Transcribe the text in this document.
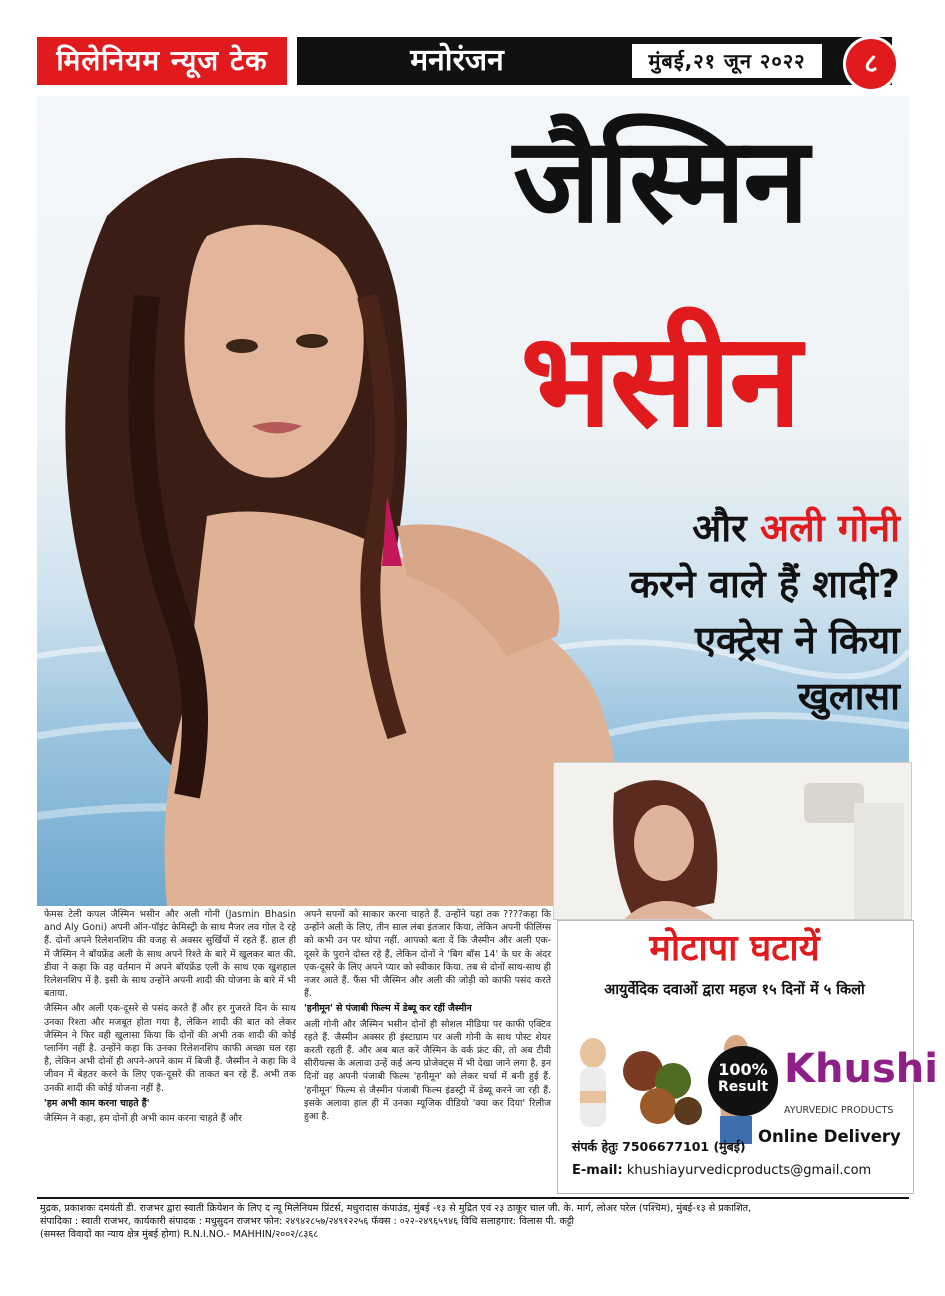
मिलेनियम न्यूज टेक	मनोरंजन	मुंबई,२१ जून २०२२	८
जैस्मिन
भसीन
और अली गोनी
करने वाले हैं शादी? एक्ट्रेस ने किया खुलासा

फेमस टेली कपल जैस्मिन भसीन और अली गोनी (Jasmin Bhasin and Aly Goni) अपनी ऑन-पॉइंट केमिस्ट्री के साथ मैजर लव गोल दे रहे हैं. दोनों अपने रिलेशनशिप की वजह से अक्सर सुर्खियों में रहते हैं. हाल ही में जैस्मिन ने बॉयफ्रेंड अली के साथ अपने रिश्ते के बारे में खुलकर बात की. डीवा ने कहा कि वह वर्तमान में अपने बॉयफ्रेंड एली के साथ एक खुशहाल रिलेशनशिप में है. इसी के साथ उन्होंने अपनी शादी की योजना के बारे में भी बताया.

जैस्मिन और अली एक-दूसरे से पसंद करते हैं और हर गुजरते दिन के साथ उनका रिश्ता और मजबूत होता गया है, लेकिन शादी की बात को लेकर जैस्मिन ने फिर वही खुलासा किया कि दोनों की अभी तक शादी की कोई प्लानिंग नहीं है. उन्होंने कहा कि उनका रिलेशनशिप काफी अच्छा चल रहा है, लेकिन अभी दोनों ही अपने-अपने काम में बिजी हैं. जैस्मीन ने कहा कि वे जीवन में बेहतर करने के लिए एक-दूसरे की ताकत बन रहे हैं. अभी तक उनकी शादी की कोई योजना नहीं है.

'हम अभी काम करना चाहते हैं'

जैस्मिन ने कहा, हम दोनों ही अभी काम करना चाहते हैं और

अपने सपनों को साकार करना चाहते हैं. उन्होंने यहां तक ????कहा कि उन्होंने अली के लिए, तीन साल लंबा इंतजार किया, लेकिन अपनी फीलिंग्स को कभी उन पर थोपा नहीं. आपको बता दें कि जैस्मीन और अली एक-दूसरे के पुराने दोस्त रहे हैं, लेकिन दोनों ने 'बिग बॉस 14' के घर के अंदर एक-दूसरे के लिए अपने प्यार को स्वीकार किया. तब से दोनों साथ-साथ ही नजर आते हैं. फैंस भी जैस्मिन और अली की जोड़ी को काफी पसंद करते हैं.

'हनीमून' से पंजाबी फिल्म में डेब्यू कर रहीं जैस्मीन

अली गोनी और जैस्मिन भसीन दोनों ही सोशल मीडिया पर काफी एक्टिव रहते हैं. जैस्मीन अक्सर ही इंस्टाग्राम पर अली गोनी के साथ पोस्ट शेयर करती रहती हैं. और अब बात करें जैस्मिन के वर्क फ्रंट की, तो अब टीवी सीरीयल्स के अलावा उन्हें कई अन्य प्रोजेक्ट्स में भी देखा जाने लगा है. इन दिनों वह अपनी पंजाबी फिल्म 'हनीमून' को लेकर चर्चा में बनी हुई हैं. 'हनीमून' फिल्म से जैस्मीन पंजाबी फिल्म इंडस्ट्री में डेब्यू करने जा रही हैं. इसके अलावा हाल ही में उनका म्यूजिक वीडियो 'क्या कर दिया' रिलीज हुआ है.

मोटापा घटायें
आयुर्वेदिक दवाओं द्वारा महज १५ दिनों में ५ किलो
100%
Result Khushi
AYURVEDIC PRODUCTS
Online Delivery
संपर्क हेतुः 7506677101 (मुंबई)
E-mail: khushiayurvedicproducts@gmail.com
मुद्रक, प्रकाशकः दमयंती डी. राजभर द्वारा स्वाती क्रियेशन के लिए द न्यू मिलेनियम प्रिंटर्स, मधुरादास कंपाउंड, मुंबई -१३ से मुद्रित एवं २३ ठाकूर चाल जी. के. मार्ग, लोअर परेल (पश्चिम), मुंबई-१३ से प्रकाशित,
संपादिका : स्वाती राजभर, कार्यकारी संपादक : मधुसुदन राजभर फोन: २४९४२८५७/२४९१२२५६ फॅक्स : ०२२-२४९६५९४६ विधि सलाहगार: विलास पी. कट्टी
(समस्त विवादों का न्याय क्षेत्र मुंबई होगा) R.N.I.NO.- MAHHIN/२००२/८३६८
